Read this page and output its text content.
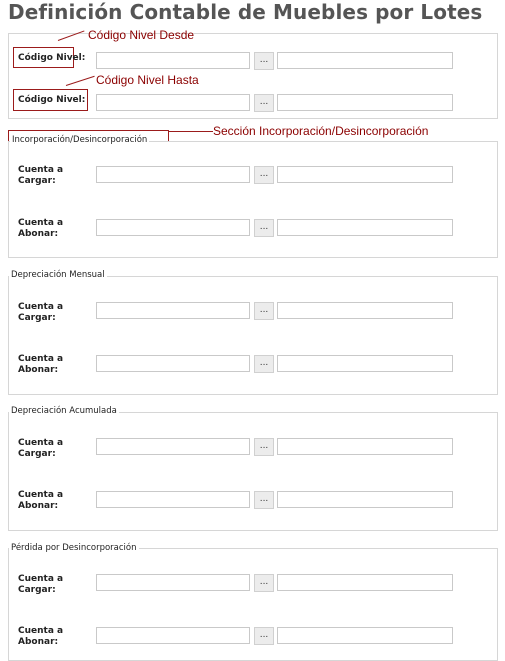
Definición Contable de Muebles por Lotes
Código Nivel Desde
Código Nivel:	...
Código Nivel Hasta
Código Nivel:	...
Sección Incorporación/Desincorporación
Incorporación/Desincorporación
Cuenta a Cargar:
...
Cuenta a Abonar:
...
Depreciación Mensual
Cuenta a Cargar:
...
Cuenta a Abonar:
...
Depreciación Acumulada
Cuenta a Cargar:
...
Cuenta a Abonar:
...
Pérdida por Desincorporación
Cuenta a Cargar:
...
Cuenta a Abonar:
...
